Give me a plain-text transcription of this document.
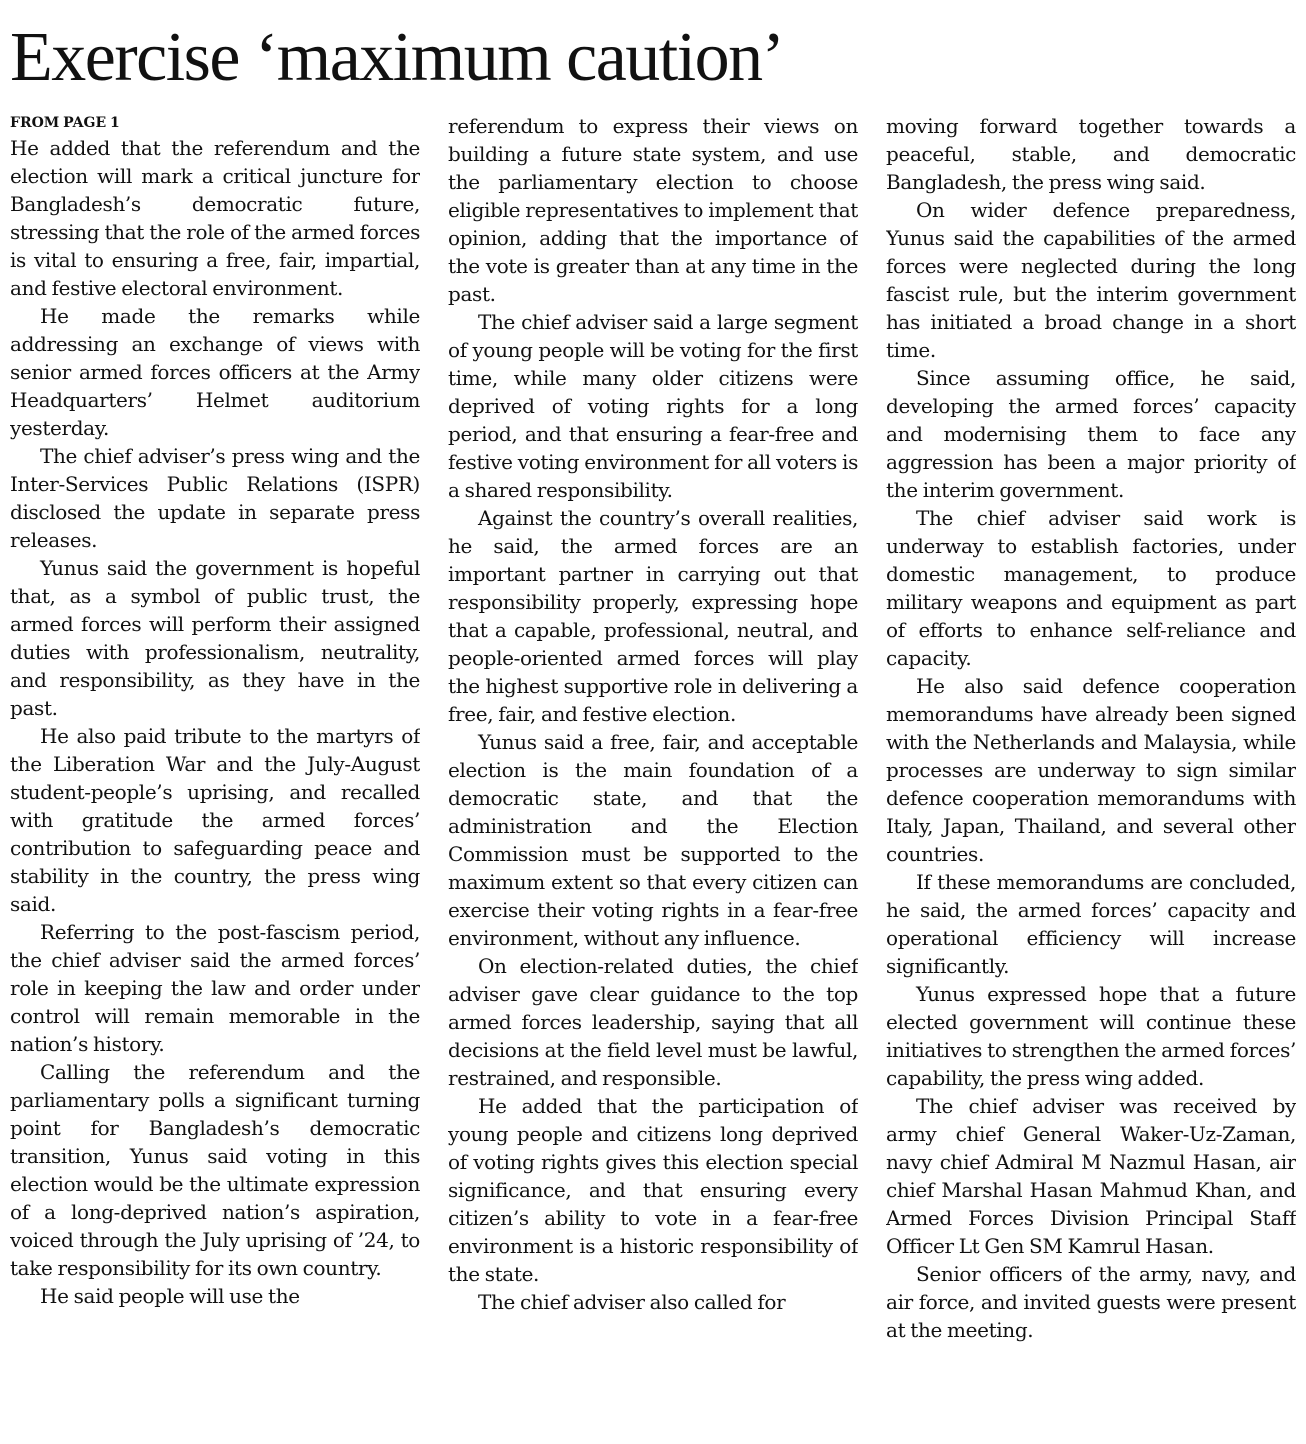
Exercise ‘maximum caution’
FROM PAGE 1

He added that the referendum and the election will mark a critical juncture for Bangladesh’s democratic future, stressing that the role of the armed forces is vital to ensuring a free, fair, impartial, and festive electoral environment.

He made the remarks while addressing an exchange of views with senior armed forces officers at the Army Headquarters’ Helmet auditorium yesterday.

The chief adviser’s press wing and the Inter-Services Public Relations (ISPR) disclosed the update in separate press releases.

Yunus said the government is hopeful that, as a symbol of public trust, the armed forces will perform their assigned duties with professionalism, neutrality, and responsibility, as they have in the past.

He also paid tribute to the martyrs of the Liberation War and the July-August student-people’s uprising, and recalled with gratitude the armed forces’ contribution to safeguarding peace and stability in the country, the press wing said.

Referring to the post-fascism period, the chief adviser said the armed forces’ role in keeping the law and order under control will remain memorable in the nation’s history.

Calling the referendum and the parliamentary polls a significant turning point for Bangladesh’s democratic transition, Yunus said voting in this election would be the ultimate expression of a long-deprived nation’s aspiration, voiced through the July uprising of ’24, to take responsibility for its own country.

He said people will use the

referendum to express their views on building a future state system, and use the parliamentary election to choose eligible representatives to implement that opinion, adding that the importance of the vote is greater than at any time in the past.

The chief adviser said a large segment of young people will be voting for the first time, while many older citizens were deprived of voting rights for a long period, and that ensuring a fear-free and festive voting environment for all voters is a shared responsibility.

Against the country’s overall realities, he said, the armed forces are an important partner in carrying out that responsibility properly, expressing hope that a capable, professional, neutral, and people-oriented armed forces will play the highest supportive role in delivering a free, fair, and festive election.

Yunus said a free, fair, and acceptable election is the main foundation of a democratic state, and that the administration and the Election Commission must be supported to the maximum extent so that every citizen can exercise their voting rights in a fear-free environment, without any influence.

On election-related duties, the chief adviser gave clear guidance to the top armed forces leadership, saying that all decisions at the field level must be lawful, restrained, and responsible.

He added that the participation of young people and citizens long deprived of voting rights gives this election special significance, and that ensuring every citizen’s ability to vote in a fear-free environment is a historic responsibility of the state.

The chief adviser also called for

moving forward together towards a peaceful, stable, and democratic Bangladesh, the press wing said.

On wider defence preparedness, Yunus said the capabilities of the armed forces were neglected during the long fascist rule, but the interim government has initiated a broad change in a short time.

Since assuming office, he said, developing the armed forces’ capacity and modernising them to face any aggression has been a major priority of the interim government.

The chief adviser said work is underway to establish factories, under domestic management, to produce military weapons and equipment as part of efforts to enhance self-reliance and capacity.

He also said defence cooperation memorandums have already been signed with the Netherlands and Malaysia, while processes are underway to sign similar defence cooperation memorandums with Italy, Japan, Thailand, and several other countries.

If these memorandums are concluded, he said, the armed forces’ capacity and operational efficiency will increase significantly.

Yunus expressed hope that a future elected government will continue these initiatives to strengthen the armed forces’ capability, the press wing added.

The chief adviser was received by army chief General Waker-Uz-Zaman, navy chief Admiral M Nazmul Hasan, air chief Marshal Hasan Mahmud Khan, and Armed Forces Division Principal Staff Officer Lt Gen SM Kamrul Hasan.

Senior officers of the army, navy, and air force, and invited guests were present at the meeting.
